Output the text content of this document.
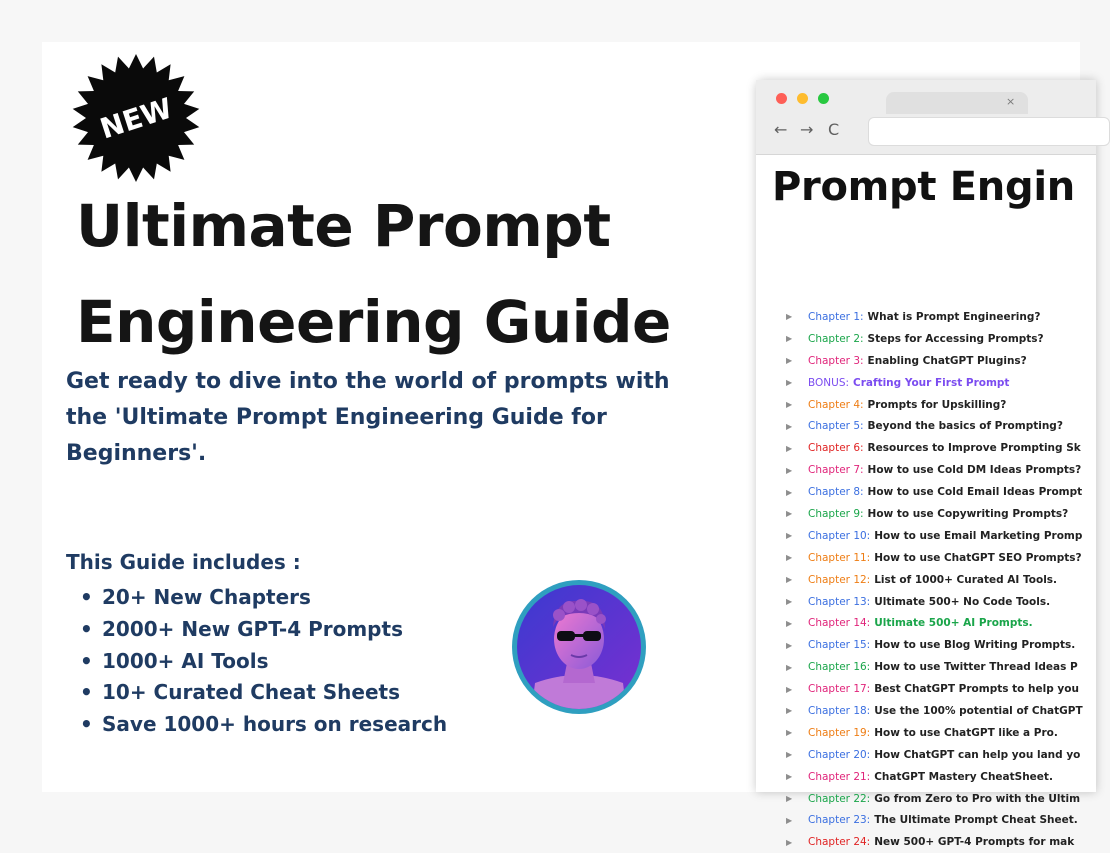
NEW
Ultimate Prompt
Engineering Guide

Get ready to dive into the world of prompts with the 'Ultimate Prompt Engineering Guide for Beginners'.

This Guide includes :

• 20+ New Chapters
• 2000+ New GPT-4 Prompts
• 1000+ AI Tools
• 10+ Curated Cheat Sheets
• Save 1000+ hours on research
×
← → C
Prompt Engin
▶	Chapter 1: What is Prompt Engineering?
▶	Chapter 2: Steps for Accessing Prompts?
▶	Chapter 3: Enabling ChatGPT Plugins?
▶	BONUS: Crafting Your First Prompt
▶	Chapter 4: Prompts for Upskilling?
▶	Chapter 5: Beyond the basics of Prompting?
▶	Chapter 6: Resources to Improve Prompting Sk
▶	Chapter 7: How to use Cold DM Ideas Prompts?
▶	Chapter 8: How to use Cold Email Ideas Prompt
▶	Chapter 9: How to use Copywriting Prompts?
▶	Chapter 10: How to use Email Marketing Promp
▶	Chapter 11: How to use ChatGPT SEO Prompts?
▶	Chapter 12: List of 1000+ Curated AI Tools.
▶	Chapter 13: Ultimate 500+ No Code Tools.
▶	Chapter 14: Ultimate 500+ AI Prompts.
▶	Chapter 15: How to use Blog Writing Prompts.
▶	Chapter 16: How to use Twitter Thread Ideas P
▶	Chapter 17: Best ChatGPT Prompts to help you
▶	Chapter 18: Use the 100% potential of ChatGPT
▶	Chapter 19: How to use ChatGPT like a Pro.
▶	Chapter 20: How ChatGPT can help you land yo
▶	Chapter 21: ChatGPT Mastery CheatSheet.
▶	Chapter 22: Go from Zero to Pro with the Ultim
▶	Chapter 23: The Ultimate Prompt Cheat Sheet.
▶	Chapter 24: New 500+ GPT-4 Prompts for mak
